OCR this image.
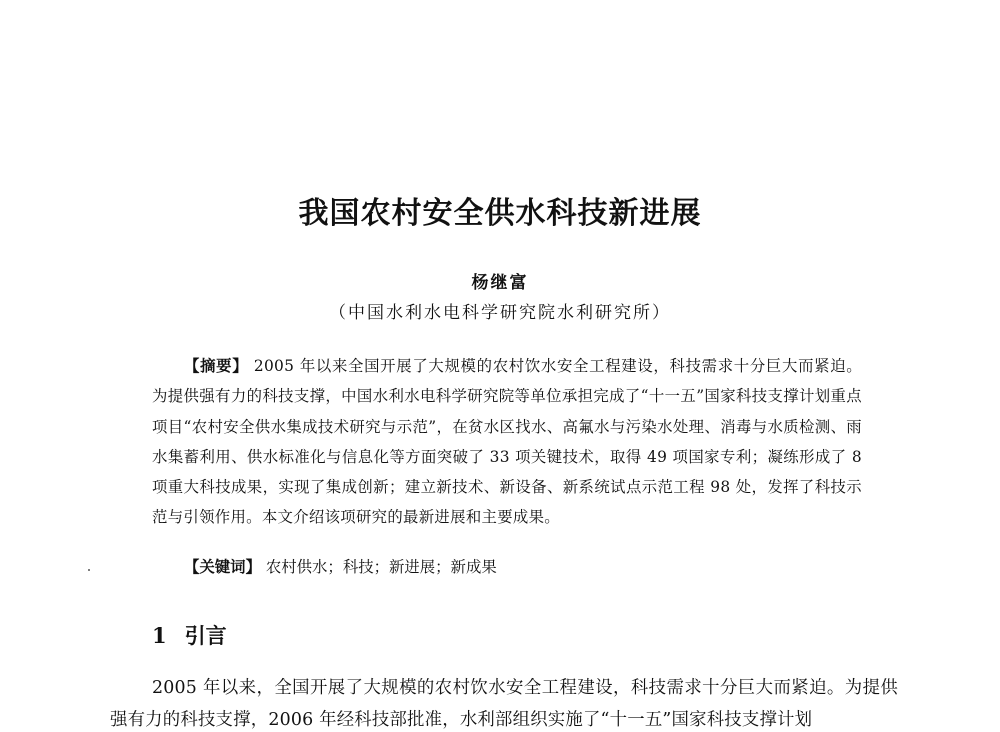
我国农村安全供水科技新进展
杨继富
（中国水利水电科学研究院水利研究所）
【摘要】 2005 年以来全国开展了大规模的农村饮水安全工程建设，科技需求十分巨大而紧迫。为提供强有力的科技支撑，中国水利水电科学研究院等单位承担完成了“十一五”国家科技支撑计划重点项目“农村安全供水集成技术研究与示范”，在贫水区找水、高氟水与污染水处理、消毒与水质检测、雨水集蓄利用、供水标准化与信息化等方面突破了 33 项关键技术，取得 49 项国家专利；凝练形成了 8 项重大科技成果，实现了集成创新；建立新技术、新设备、新系统试点示范工程 98 处，发挥了科技示范与引领作用。本文介绍该项研究的最新进展和主要成果。
【关键词】 农村供水；科技；新进展；新成果
1 引言
2005 年以来，全国开展了大规模的农村饮水安全工程建设，科技需求十分巨大而紧迫。为提供强有力的科技支撑，2006 年经科技部批准，水利部组织实施了“十一五”国家科技支撑计划
